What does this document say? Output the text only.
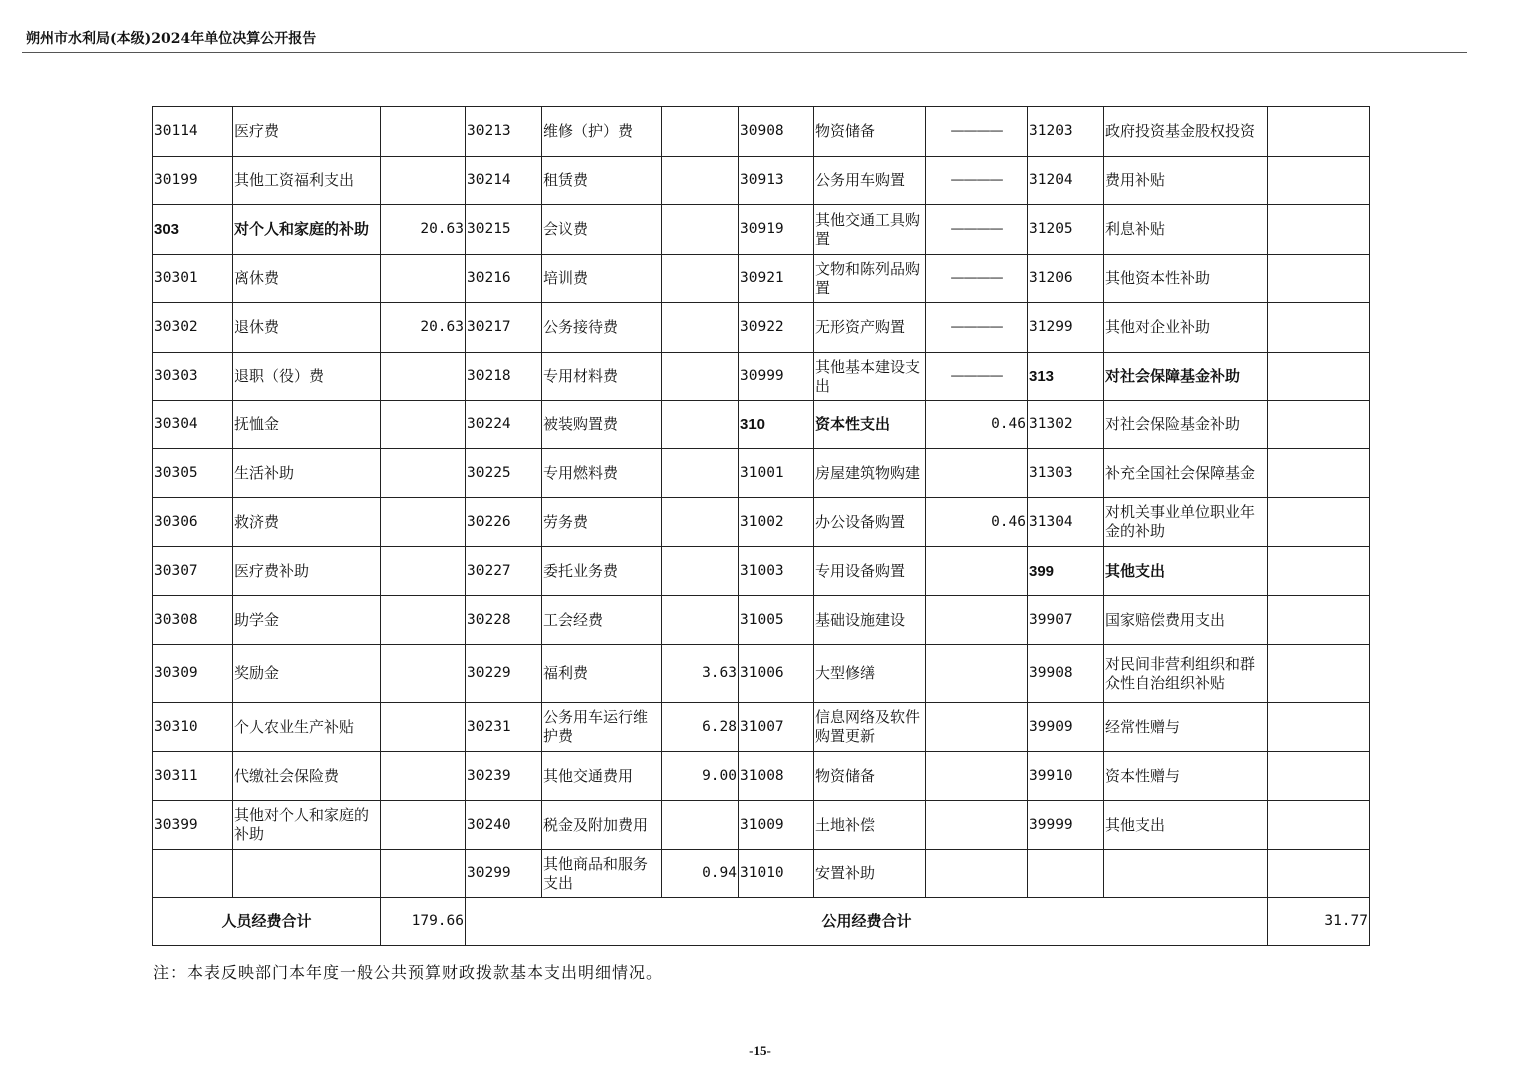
朔州市水利局(本级)2024年单位决算公开报告
30114	医疗费		30213	维修（护）费		30908	物资储备	————	31203	政府投资基金股权投资	
30199	其他工资福利支出		30214	租赁费		30913	公务用车购置	————	31204	费用补贴	
303	对个人和家庭的补助	20.63	30215	会议费		30919	其他交通工具购置	————	31205	利息补贴	
30301	离休费		30216	培训费		30921	文物和陈列品购置	————	31206	其他资本性补助	
30302	退休费	20.63	30217	公务接待费		30922	无形资产购置	————	31299	其他对企业补助	
30303	退职（役）费		30218	专用材料费		30999	其他基本建设支出	————	313	对社会保障基金补助	
30304	抚恤金		30224	被装购置费		310	资本性支出	0.46	31302	对社会保险基金补助	
30305	生活补助		30225	专用燃料费		31001	房屋建筑物购建		31303	补充全国社会保障基金	
30306	救济费		30226	劳务费		31002	办公设备购置	0.46	31304	对机关事业单位职业年金的补助	
30307	医疗费补助		30227	委托业务费		31003	专用设备购置		399	其他支出	
30308	助学金		30228	工会经费		31005	基础设施建设		39907	国家赔偿费用支出	
30309	奖励金		30229	福利费	3.63	31006	大型修缮		39908	对民间非营利组织和群众性自治组织补贴	
30310	个人农业生产补贴		30231	公务用车运行维护费	6.28	31007	信息网络及软件购置更新		39909	经常性赠与	
30311	代缴社会保险费		30239	其他交通费用	9.00	31008	物资储备		39910	资本性赠与	
30399	其他对个人和家庭的补助		30240	税金及附加费用		31009	土地补偿		39999	其他支出	
			30299	其他商品和服务支出	0.94	31010	安置补助				
人员经费合计		179.66	公用经费合计								31.77
注：本表反映部门本年度一般公共预算财政拨款基本支出明细情况。
-15-
